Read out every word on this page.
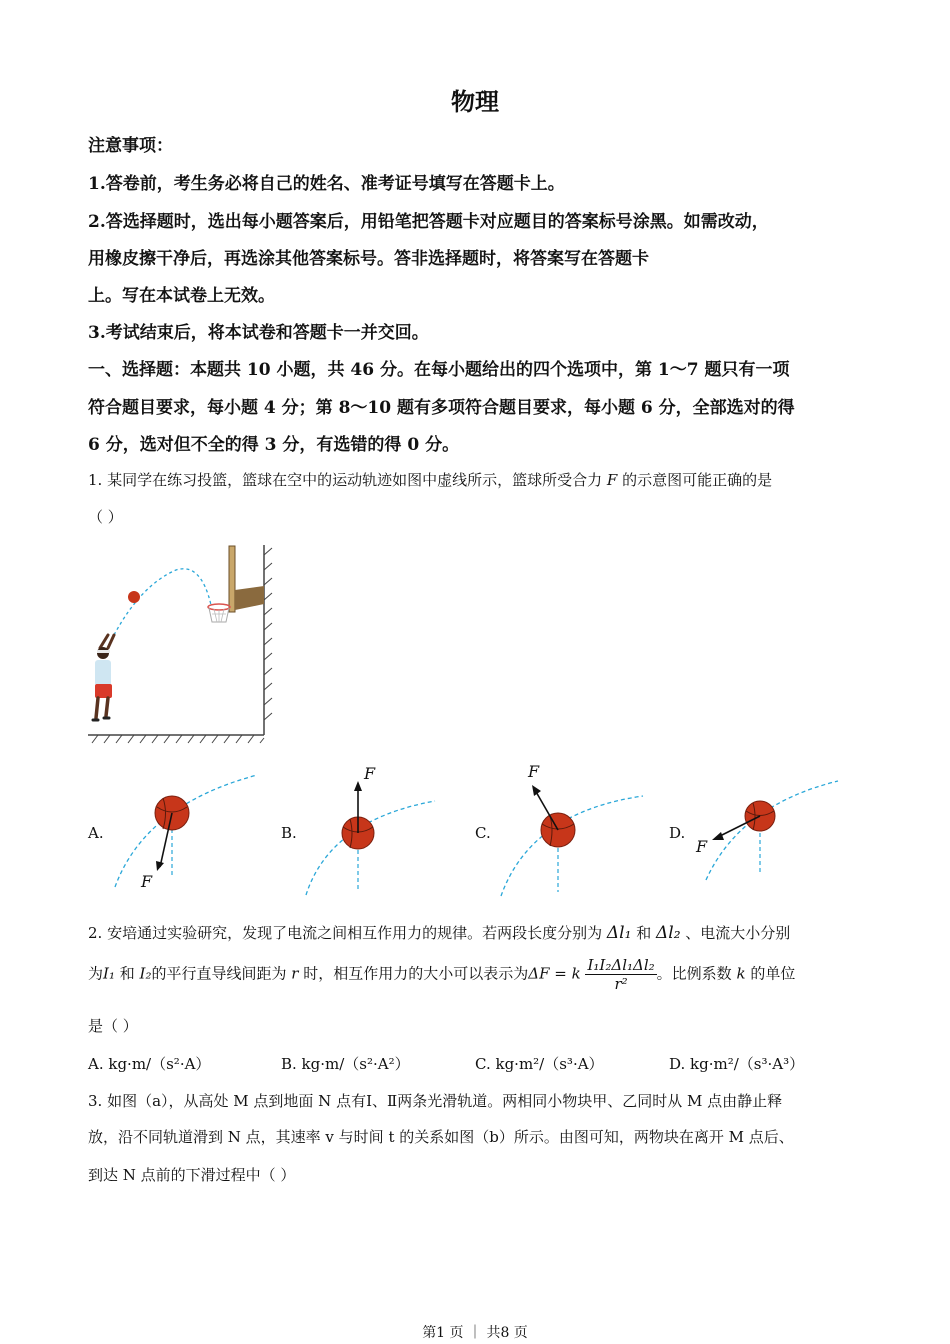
物理
注意事项：
1.答卷前，考生务必将自己的姓名、准考证号填写在答题卡上。
2.答选择题时，选出每小题答案后，用铅笔把答题卡对应题目的答案标号涂黑。如需改动，
用橡皮擦干净后，再选涂其他答案标号。答非选择题时，将答案写在答题卡
上。写在本试卷上无效。
3.考试结束后，将本试卷和答题卡一并交回。
一、选择题：本题共 10 小题，共 46 分。在每小题给出的四个选项中，第 1～7 题只有一项
符合题目要求，每小题 4 分；第 8～10 题有多项符合题目要求，每小题 6 分，全部选对的得
6 分，选对但不全的得 3 分，有选错的得 0 分。
1. 某同学在练习投篮，篮球在空中的运动轨迹如图中虚线所示，篮球所受合力 F 的示意图可能正确的是
（ ）
A.	B.	C.	D.
F
F	F
F
2. 安培通过实验研究，发现了电流之间相互作用力的规律。若两段长度分别为 Δl₁ 和 Δl₂ 、电流大小分别
为I₁ 和 I₂的平行直导线间距为 r 时，相互作用力的大小可以表示为ΔF = k $\frac{\text{I₁I₂Δl₁Δl₂}}{\text{r²}}$ 。比例系数 k 的单位
是（ ）
A. kg·m/（s²·A）	B. kg·m/（s²·A²）	C. kg·m²/（s³·A）	D. kg·m²/（s³·A³）
3. 如图（a），从高处 M 点到地面 N 点有Ⅰ、Ⅱ两条光滑轨道。两相同小物块甲、乙同时从 M 点由静止释
放，沿不同轨道滑到 N 点，其速率 v 与时间 t 的关系如图（b）所示。由图可知，两物块在离开 M 点后、
到达 N 点前的下滑过程中（ ）
第1 页 ｜ 共8 页
